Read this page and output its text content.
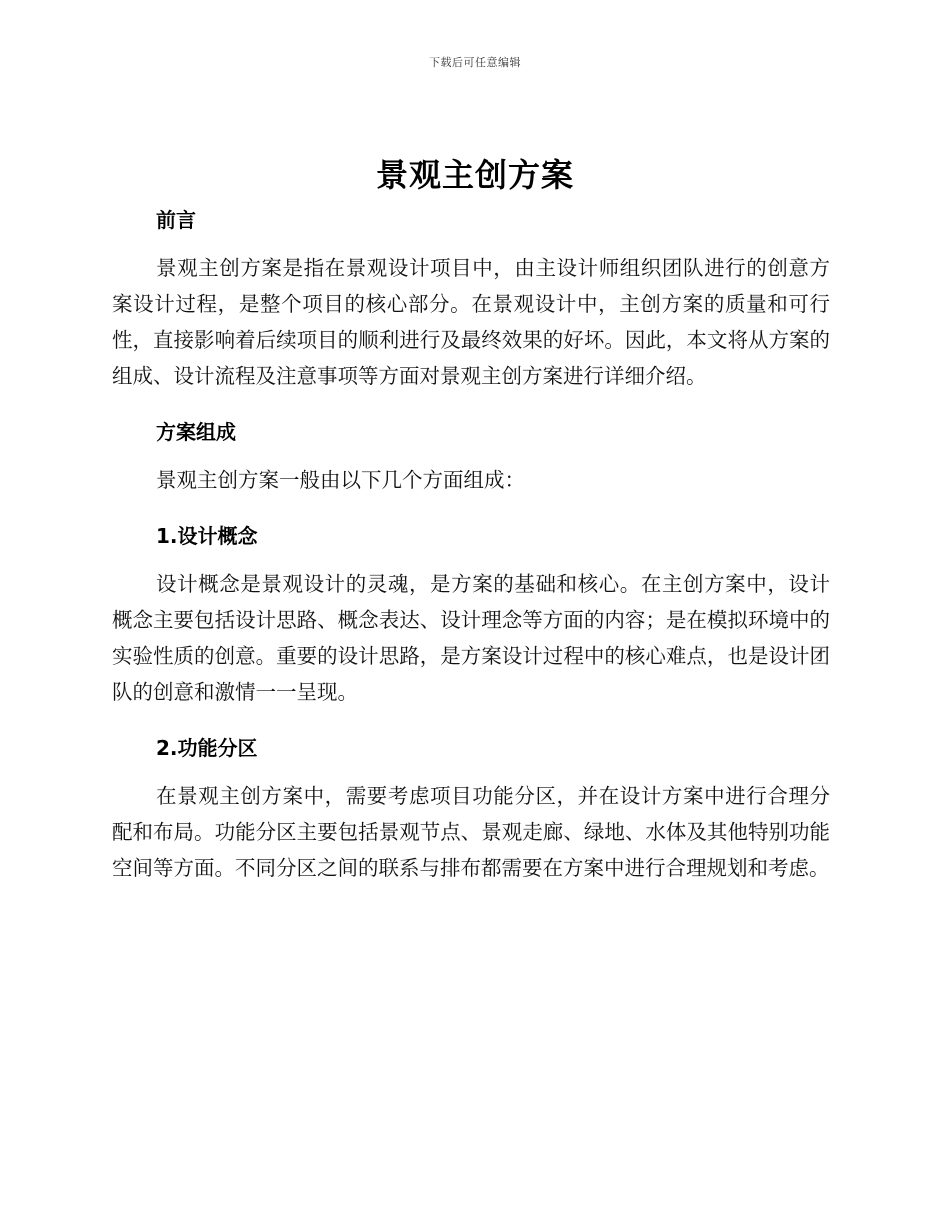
下载后可任意编辑
景观主创方案
前言

景观主创方案是指在景观设计项目中，由主设计师组织团队进行的创意方案设计过程，是整个项目的核心部分。在景观设计中，主创方案的质量和可行性，直接影响着后续项目的顺利进行及最终效果的好坏。因此，本文将从方案的组成、设计流程及注意事项等方面对景观主创方案进行详细介绍。

方案组成

景观主创方案一般由以下几个方面组成：

1.设计概念

设计概念是景观设计的灵魂，是方案的基础和核心。在主创方案中，设计概念主要包括设计思路、概念表达、设计理念等方面的内容；是在模拟环境中的实验性质的创意。重要的设计思路，是方案设计过程中的核心难点，也是设计团队的创意和激情一一呈现。

2.功能分区

在景观主创方案中，需要考虑项目功能分区，并在设计方案中进行合理分配和布局。功能分区主要包括景观节点、景观走廊、绿地、水体及其他特别功能空间等方面。不同分区之间的联系与排布都需要在方案中进行合理规划和考虑。
